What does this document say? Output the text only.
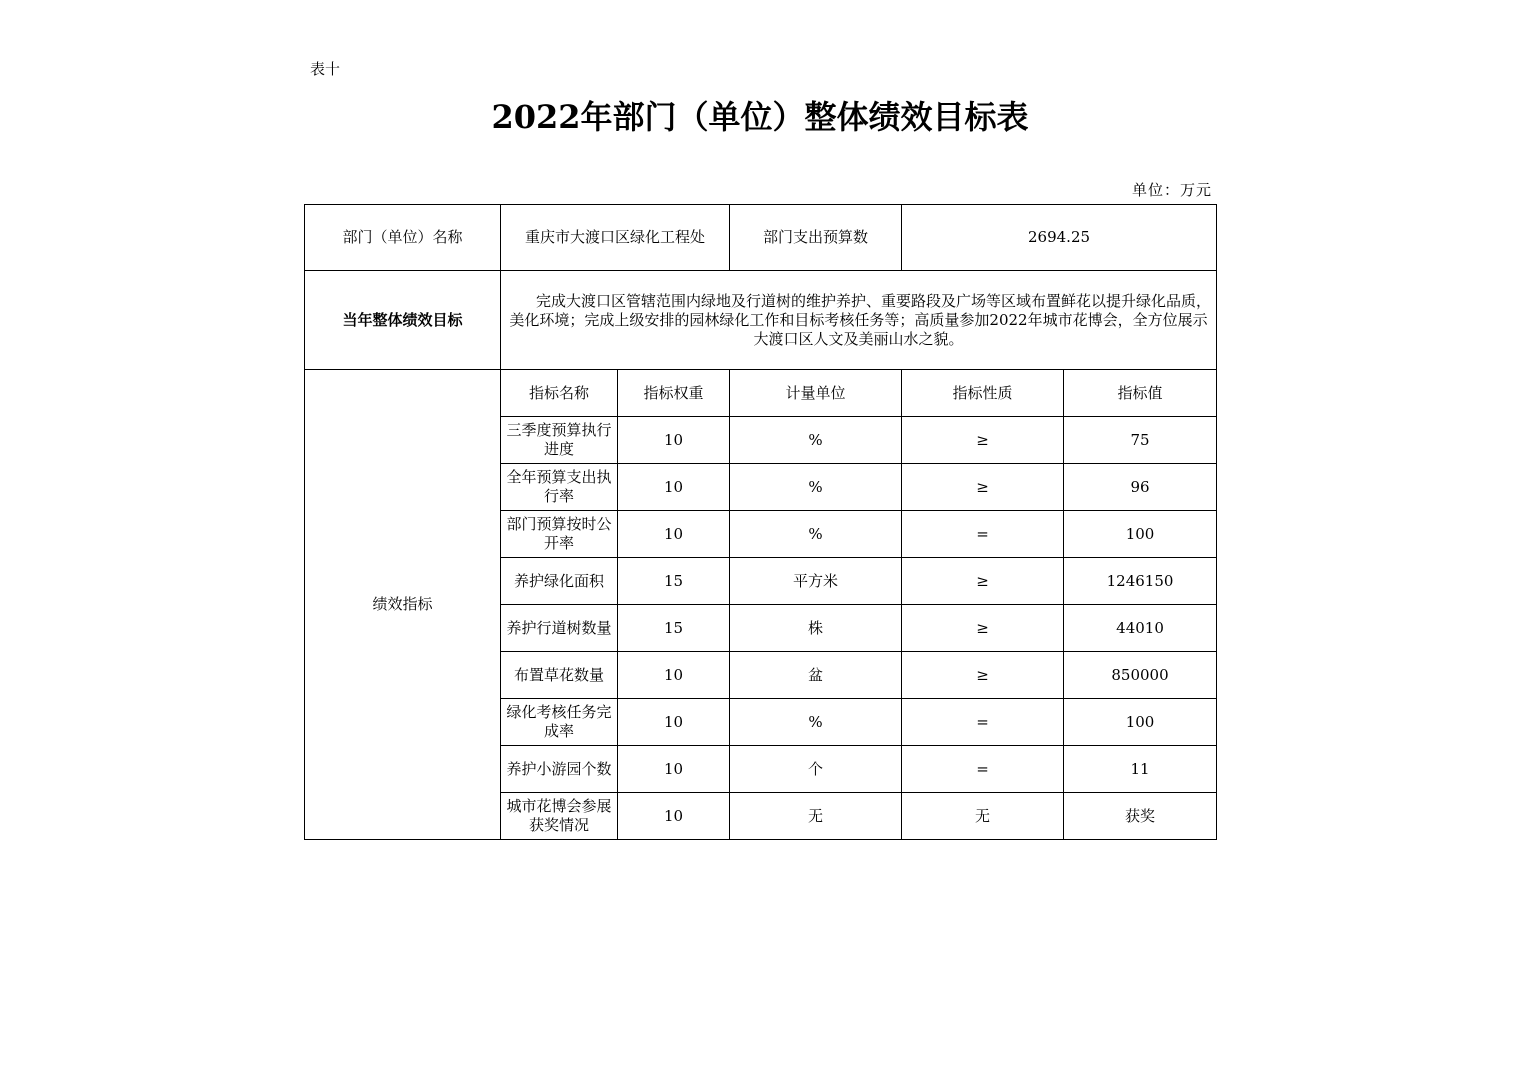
表十
2022年部门（单位）整体绩效目标表
单位：万元
部门（单位）名称	重庆市大渡口区绿化工程处		部门支出预算数	2694.25	
当年整体绩效目标	完成大渡口区管辖范围内绿地及行道树的维护养护、重要路段及广场等区域布置鲜花以提升绿化品质，美化环境；完成上级安排的园林绿化工作和目标考核任务等；高质量参加2022年城市花博会，全方位展示大渡口区人文及美丽山水之貌。				
绩效指标	指标名称	指标权重	计量单位	指标性质	指标值
	三季度预算执行进度	10	%	≥	75
	全年预算支出执行率	10	%	≥	96
	部门预算按时公开率	10	%	=	100
	养护绿化面积	15	平方米	≥	1246150
	养护行道树数量	15	株	≥	44010
	布置草花数量	10	盆	≥	850000
	绿化考核任务完成率	10	%	=	100
	养护小游园个数	10	个	=	11
	城市花博会参展获奖情况	10	无	无	获奖
